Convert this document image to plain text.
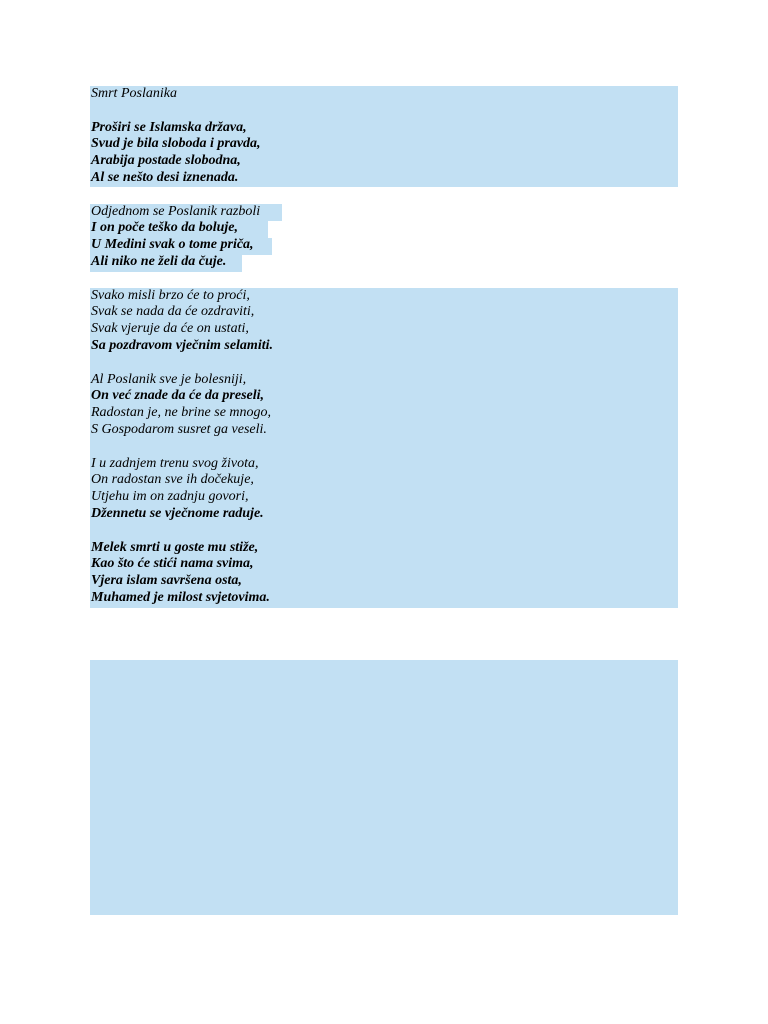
Smrt Poslanika
Proširi se Islamska država,
Svud je bila sloboda i pravda,
Arabija postade slobodna,
Al se nešto desi iznenada.
Odjednom se Poslanik razboli
I on poče teško da boluje,
U Medini svak o tome priča,
Ali niko ne želi da čuje.
Svako misli brzo će to proći,
Svak se nada da će ozdraviti,
Svak vjeruje da će on ustati,
Sa pozdravom vječnim selamiti.
Al Poslanik sve je bolesniji,
On već znade da će da preseli,
Radostan je, ne brine se mnogo,
S Gospodarom susret ga veseli.
I u zadnjem trenu svog života,
On radostan sve ih dočekuje,
Utjehu im on zadnju govori,
Džennetu se vječnome raduje.
Melek smrti u goste mu stiže,
Kao što će stići nama svima,
Vjera islam savršena osta,
Muhamed je milost svjetovima.
